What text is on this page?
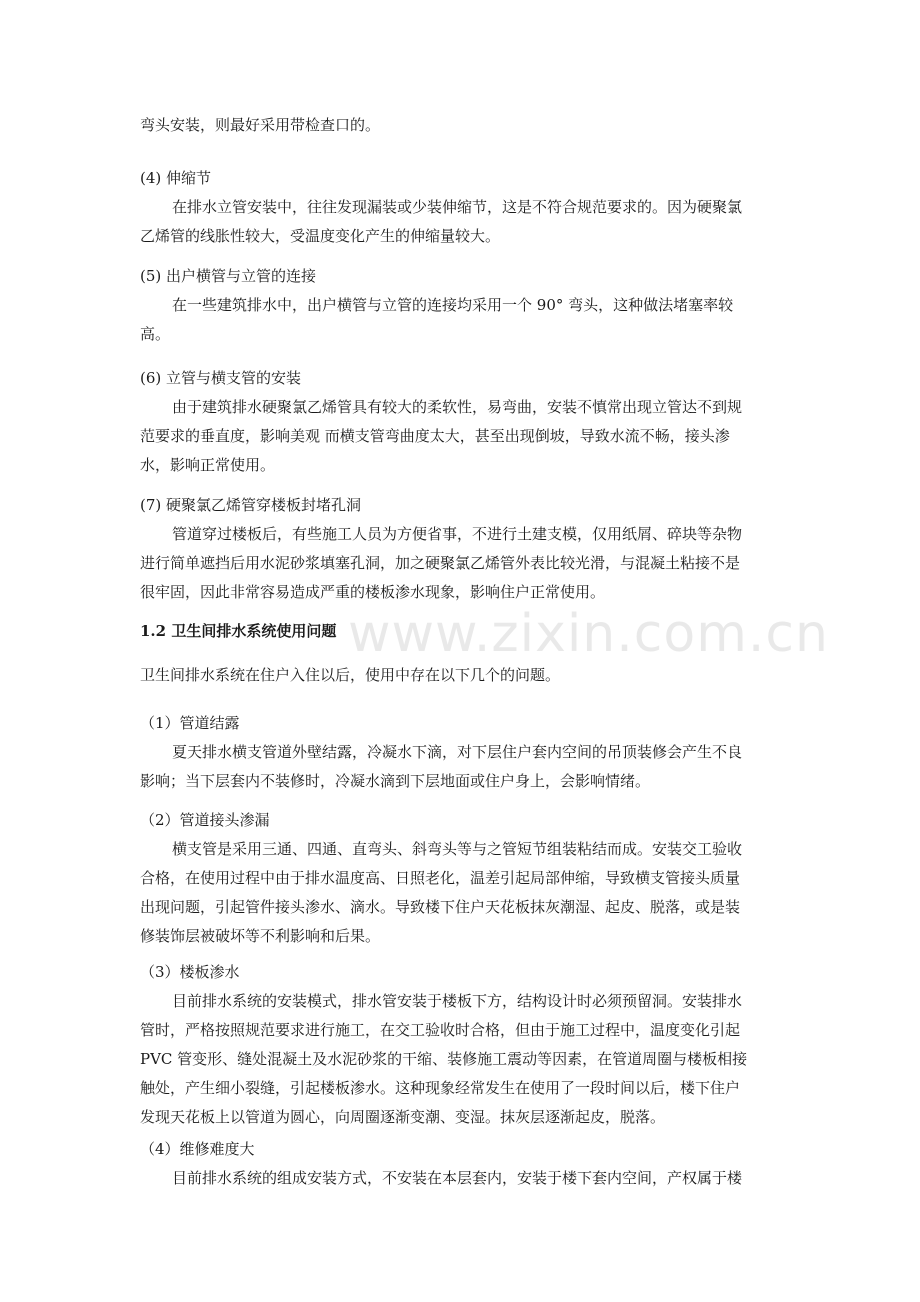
www.zixin.com.cn
弯头安装，则最好采用带检查口的。
(4) 伸缩节
在排水立管安装中，往往发现漏装或少装伸缩节，这是不符合规范要求的。因为硬聚氯
乙烯管的线胀性较大，受温度变化产生的伸缩量较大。
(5) 出户横管与立管的连接
在一些建筑排水中，出户横管与立管的连接均采用一个 90° 弯头，这种做法堵塞率较
高。
(6) 立管与横支管的安装
由于建筑排水硬聚氯乙烯管具有较大的柔软性，易弯曲，安装不慎常出现立管达不到规
范要求的垂直度，影响美观 而横支管弯曲度太大，甚至出现倒坡，导致水流不畅，接头渗
水，影响正常使用。
(7) 硬聚氯乙烯管穿楼板封堵孔洞
管道穿过楼板后，有些施工人员为方便省事，不进行土建支模，仅用纸屑、碎块等杂物
进行简单遮挡后用水泥砂浆填塞孔洞，加之硬聚氯乙烯管外表比较光滑，与混凝土粘接不是
很牢固，因此非常容易造成严重的楼板渗水现象，影响住户正常使用。
1.2 卫生间排水系统使用问题
卫生间排水系统在住户入住以后，使用中存在以下几个的问题。
（1）管道结露
夏天排水横支管道外壁结露，冷凝水下滴，对下层住户套内空间的吊顶装修会产生不良
影响；当下层套内不装修时，冷凝水滴到下层地面或住户身上，会影响情绪。
（2）管道接头渗漏
横支管是采用三通、四通、直弯头、斜弯头等与之管短节组装粘结而成。安装交工验收
合格，在使用过程中由于排水温度高、日照老化，温差引起局部伸缩，导致横支管接头质量
出现问题，引起管件接头渗水、滴水。导致楼下住户天花板抹灰潮湿、起皮、脱落，或是装
修装饰层被破坏等不利影响和后果。
（3）楼板渗水
目前排水系统的安装模式，排水管安装于楼板下方，结构设计时必须预留洞。安装排水
管时，严格按照规范要求进行施工，在交工验收时合格，但由于施工过程中，温度变化引起
PVC 管变形、缝处混凝土及水泥砂浆的干缩、装修施工震动等因素，在管道周圈与楼板相接
触处，产生细小裂缝，引起楼板渗水。这种现象经常发生在使用了一段时间以后，楼下住户
发现天花板上以管道为圆心，向周圈逐渐变潮、变湿。抹灰层逐渐起皮，脱落。
（4）维修难度大
目前排水系统的组成安装方式，不安装在本层套内，安装于楼下套内空间，产权属于楼
